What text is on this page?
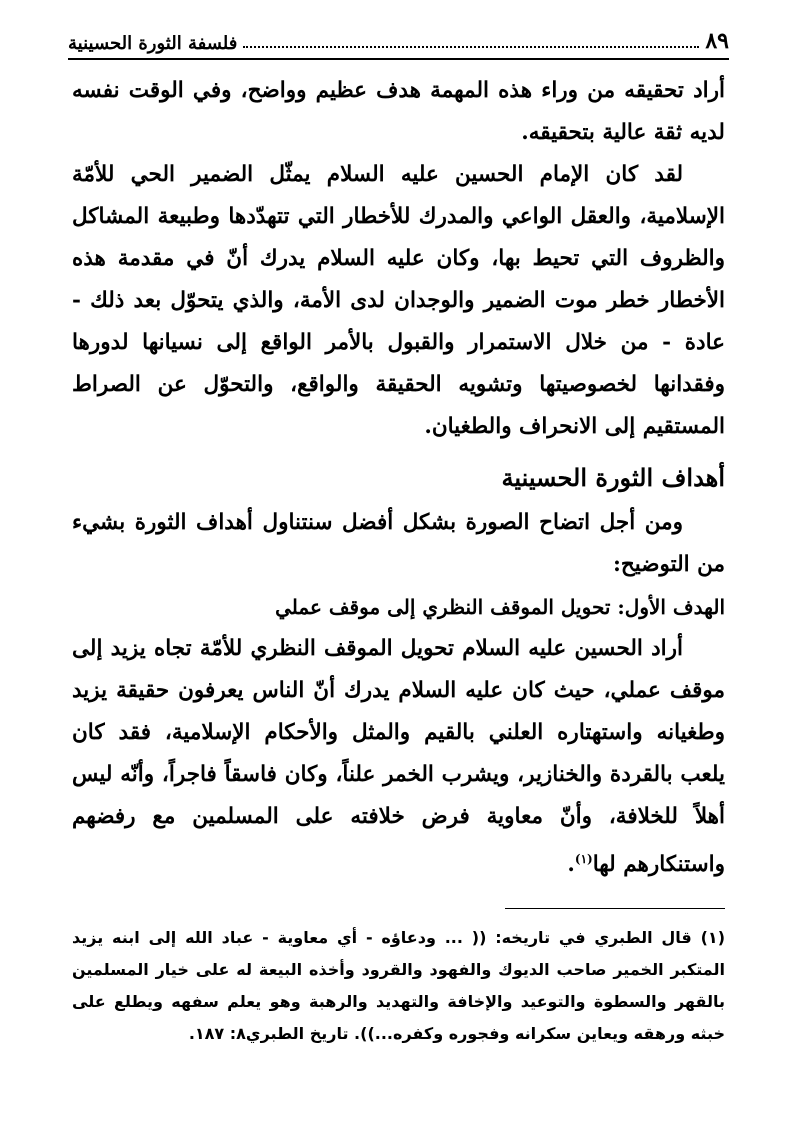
٨٩
فلسفة الثورة الحسينية

أراد تحقيقه من وراء هذه المهمة هدف عظيم وواضح، وفي الوقت نفسه لديه ثقة عالية بتحقيقه.

لقد كان الإمام الحسين عليه السلام يمثّل الضمير الحي للأمّة الإسلامية، والعقل الواعي والمدرك للأخطار التي تتهدّدها وطبيعة المشاكل والظروف التي تحيط بها، وكان عليه السلام يدرك أنّ في مقدمة هذه الأخطار خطر موت الضمير والوجدان لدى الأمة، والذي يتحوّل بعد ذلك - عادة - من خلال الاستمرار والقبول بالأمر الواقع إلى نسيانها لدورها وفقدانها لخصوصيتها وتشويه الحقيقة والواقع، والتحوّل عن الصراط المستقيم إلى الانحراف والطغيان.

أهداف الثورة الحسينية

ومن أجل اتضاح الصورة بشكل أفضل سنتناول أهداف الثورة بشيء من التوضيح:

الهدف الأول: تحويل الموقف النظري إلى موقف عملي

أراد الحسين عليه السلام تحويل الموقف النظري للأمّة تجاه يزيد إلى موقف عملي، حيث كان عليه السلام يدرك أنّ الناس يعرفون حقيقة يزيد وطغيانه واستهتاره العلني بالقيم والمثل والأحكام الإسلامية، فقد كان يلعب بالقردة والخنازير، ويشرب الخمر علناً، وكان فاسقاً فاجراً، وأنّه ليس أهلاً للخلافة، وأنّ معاوية فرض خلافته على المسلمين مع رفضهم واستنكارهم لها$^{(١)}$.

(١) قال الطبري في تاريخه: (( ... ودعاؤه - أي معاوية - عباد الله إلى ابنه يزيد المتكبر الخمير صاحب الديوك والفهود والقرود وأخذه البيعة له على خيار المسلمين بالقهر والسطوة والتوعيد والإخافة والتهديد والرهبة وهو يعلم سفهه ويطلع على خبثه ورهقه ويعاين سكرانه وفجوره وكفره...)). تاريخ الطبري٨: ١٨٧.
